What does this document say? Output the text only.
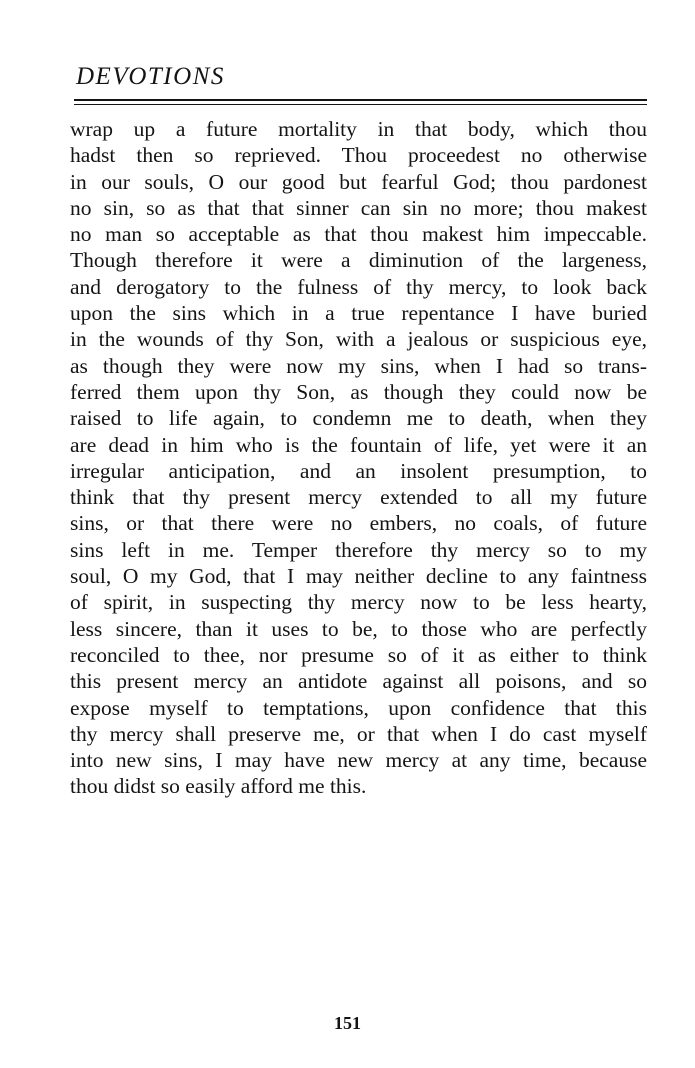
DEVOTIONS
wrap up a future mortality in that body, which thou
hadst then so reprieved. Thou proceedest no otherwise
in our souls, O our good but fearful God; thou pardonest
no sin, so as that that sinner can sin no more; thou makest
no man so acceptable as that thou makest him impeccable.
Though therefore it were a diminution of the largeness,
and derogatory to the fulness of thy mercy, to look back
upon the sins which in a true repentance I have buried
in the wounds of thy Son, with a jealous or suspicious eye,
as though they were now my sins, when I had so trans-
ferred them upon thy Son, as though they could now be
raised to life again, to condemn me to death, when they
are dead in him who is the fountain of life, yet were it an
irregular anticipation, and an insolent presumption, to
think that thy present mercy extended to all my future
sins, or that there were no embers, no coals, of future
sins left in me. Temper therefore thy mercy so to my
soul, O my God, that I may neither decline to any faintness
of spirit, in suspecting thy mercy now to be less hearty,
less sincere, than it uses to be, to those who are perfectly
reconciled to thee, nor presume so of it as either to think
this present mercy an antidote against all poisons, and so
expose myself to temptations, upon confidence that this
thy mercy shall preserve me, or that when I do cast myself
into new sins, I may have new mercy at any time, because
thou didst so easily afford me this.
151
